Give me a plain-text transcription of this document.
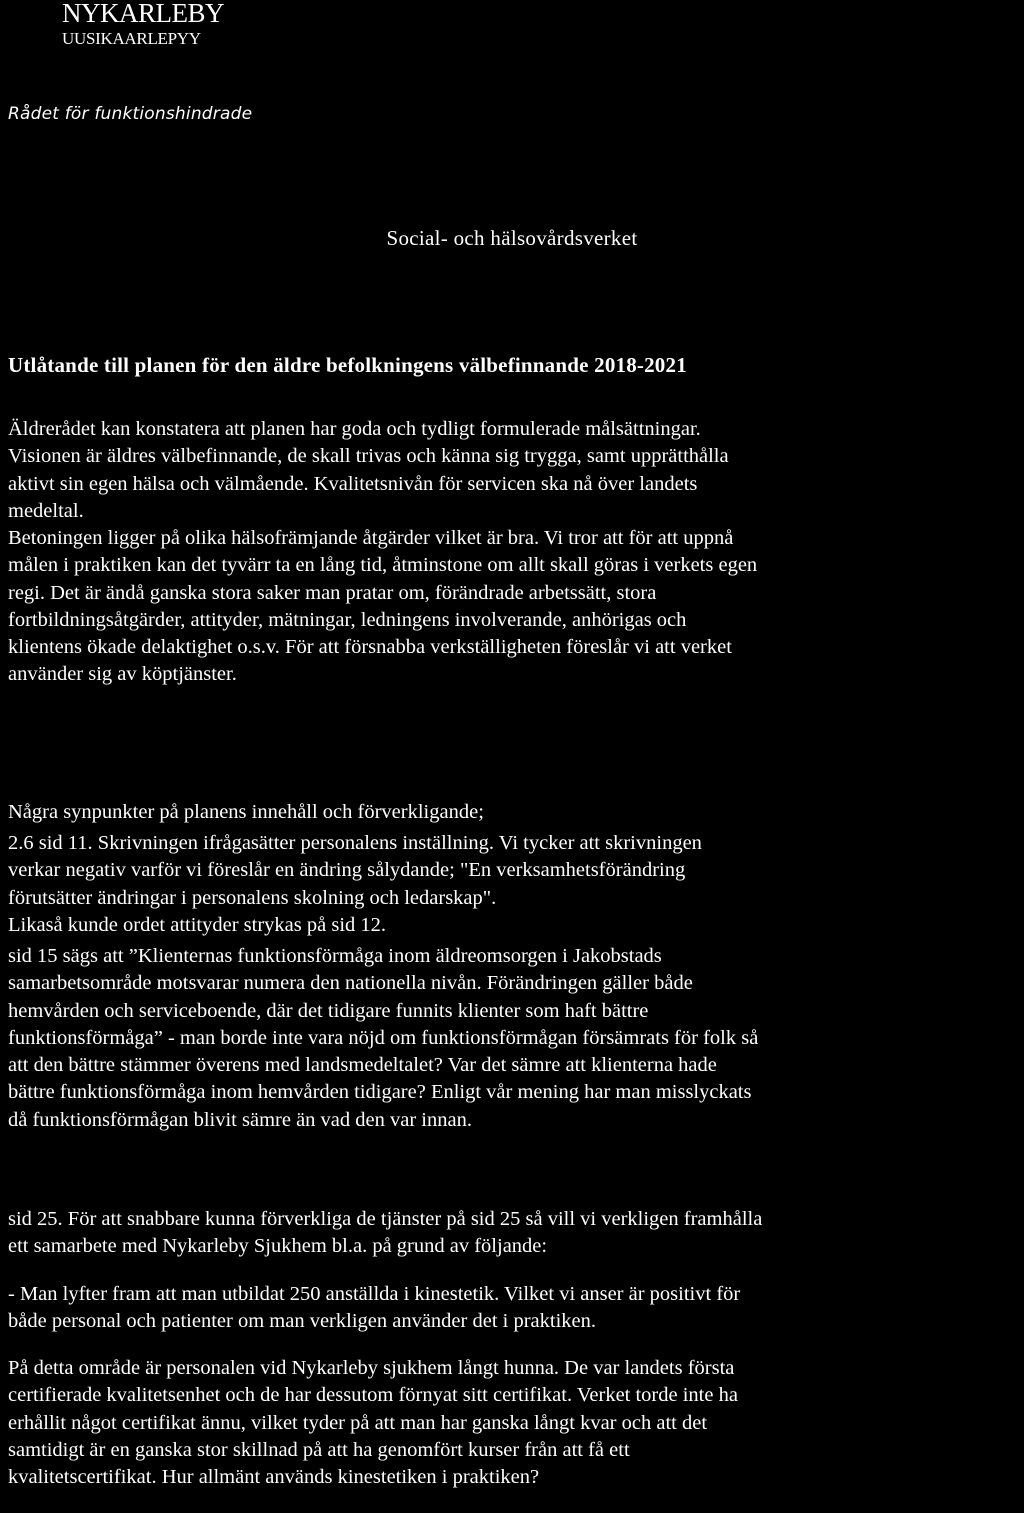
NYKARLEBY
UUSIKAARLEPYY
Rådet för funktionshindrade
Social- och hälsovårdsverket
Utlåtande till planen för den äldre befolkningens välbefinnande 2018-2021

Äldrerådet kan konstatera att planen har goda och tydligt formulerade målsättningar.
Visionen är äldres välbefinnande, de skall trivas och känna sig trygga, samt upprätthålla
aktivt sin egen hälsa och välmående. Kvalitetsnivån för servicen ska nå över landets
medeltal.
Betoningen ligger på olika hälsofrämjande åtgärder vilket är bra. Vi tror att för att uppnå
målen i praktiken kan det tyvärr ta en lång tid, åtminstone om allt skall göras i verkets egen
regi. Det är ändå ganska stora saker man pratar om, förändrade arbetssätt, stora
fortbildningsåtgärder, attityder, mätningar, ledningens involverande, anhörigas och
klientens ökade delaktighet o.s.v. För att försnabba verkställigheten föreslår vi att verket
använder sig av köptjänster.

Några synpunkter på planens innehåll och förverkligande;

2.6 sid 11. Skrivningen ifrågasätter personalens inställning. Vi tycker att skrivningen
verkar negativ varför vi föreslår en ändring sålydande; "En verksamhetsförändring
förutsätter ändringar i personalens skolning och ledarskap".
Likaså kunde ordet attityder strykas på sid 12.

sid 15 sägs att ”Klienternas funktionsförmåga inom äldreomsorgen i Jakobstads
samarbetsområde motsvarar numera den nationella nivån. Förändringen gäller både
hemvården och serviceboende, där det tidigare funnits klienter som haft bättre
funktionsförmåga” - man borde inte vara nöjd om funktionsförmågan försämrats för folk så
att den bättre stämmer överens med landsmedeltalet? Var det sämre att klienterna hade
bättre funktionsförmåga inom hemvården tidigare? Enligt vår mening har man misslyckats
då funktionsförmågan blivit sämre än vad den var innan.

sid 25. För att snabbare kunna förverkliga de tjänster på sid 25 så vill vi verkligen framhålla
ett samarbete med Nykarleby Sjukhem bl.a. på grund av följande:

- Man lyfter fram att man utbildat 250 anställda i kinestetik. Vilket vi anser är positivt för
både personal och patienter om man verkligen använder det i praktiken.

På detta område är personalen vid Nykarleby sjukhem långt hunna. De var landets första
certifierade kvalitetsenhet och de har dessutom förnyat sitt certifikat. Verket torde inte ha
erhållit något certifikat ännu, vilket tyder på att man har ganska långt kvar och att det
samtidigt är en ganska stor skillnad på att ha genomfört kurser från att få ett
kvalitetscertifikat. Hur allmänt används kinestetiken i praktiken?
